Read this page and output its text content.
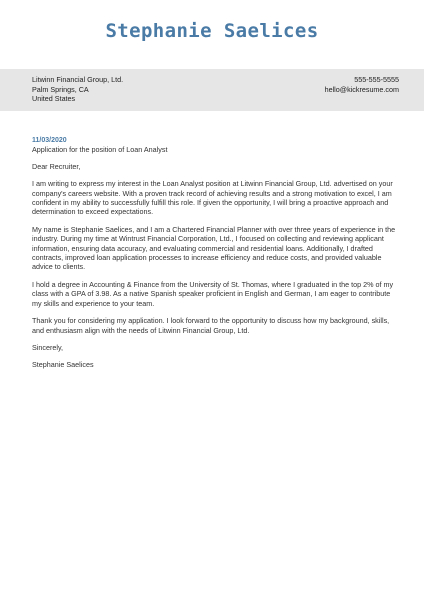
Stephanie Saelices
Litwinn Financial Group, Ltd.
Palm Springs, CA
United States
555-555-5555
hello@kickresume.com
11/03/2020
Application for the position of Loan Analyst

Dear Recruiter,

I am writing to express my interest in the Loan Analyst position at Litwinn Financial Group, Ltd. advertised on your company's careers website. With a proven track record of achieving results and a strong motivation to excel, I am confident in my ability to successfully fulfill this role. If given the opportunity, I will bring a proactive approach and determination to exceed expectations.

My name is Stephanie Saelices, and I am a Chartered Financial Planner with over three years of experience in the industry. During my time at Wintrust Financial Corporation, Ltd., I focused on collecting and reviewing applicant information, ensuring data accuracy, and evaluating commercial and residential loans. Additionally, I drafted contracts, improved loan application processes to increase efficiency and reduce costs, and provided valuable advice to clients.

I hold a degree in Accounting & Finance from the University of St. Thomas, where I graduated in the top 2% of my class with a GPA of 3.98. As a native Spanish speaker proficient in English and German, I am eager to contribute my skills and experience to your team.

Thank you for considering my application. I look forward to the opportunity to discuss how my background, skills, and enthusiasm align with the needs of Litwinn Financial Group, Ltd.

Sincerely,

Stephanie Saelices
